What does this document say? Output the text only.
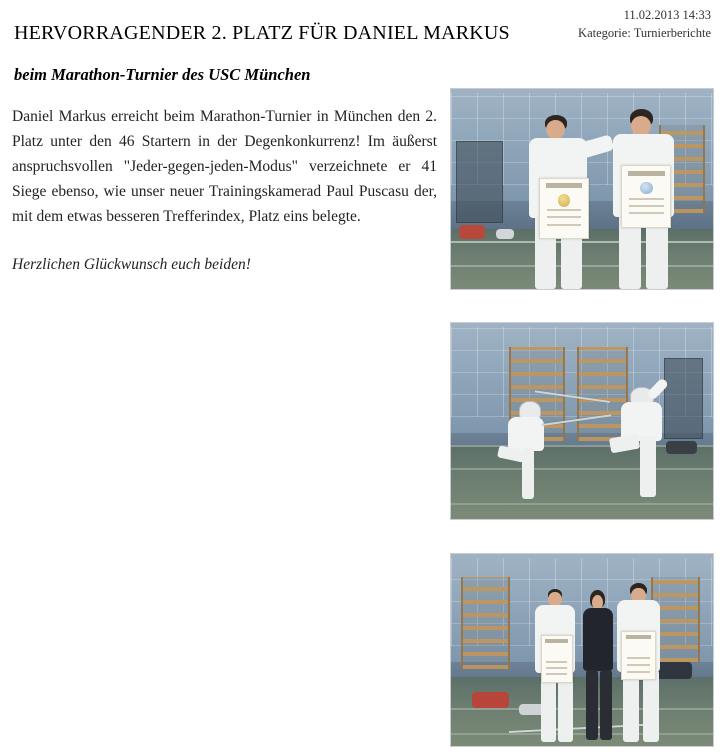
11.02.2013 14:33
Kategorie: Turnierberichte
HERVORRAGENDER 2. PLATZ FÜR DANIEL MARKUS
beim Marathon-Turnier des USC München

Daniel Markus erreicht beim Marathon-Turnier in München den 2. Platz unter den 46 Startern in der Degenkonkurrenz! Im äußerst anspruchsvollen "Jeder-gegen-jeden-Modus" verzeichnete er 41 Siege ebenso, wie unser neuer Trainingskamerad Paul Puscasu der, mit dem etwas besseren Trefferindex, Platz eins belegte.

Herzlichen Glückwunsch euch beiden!
